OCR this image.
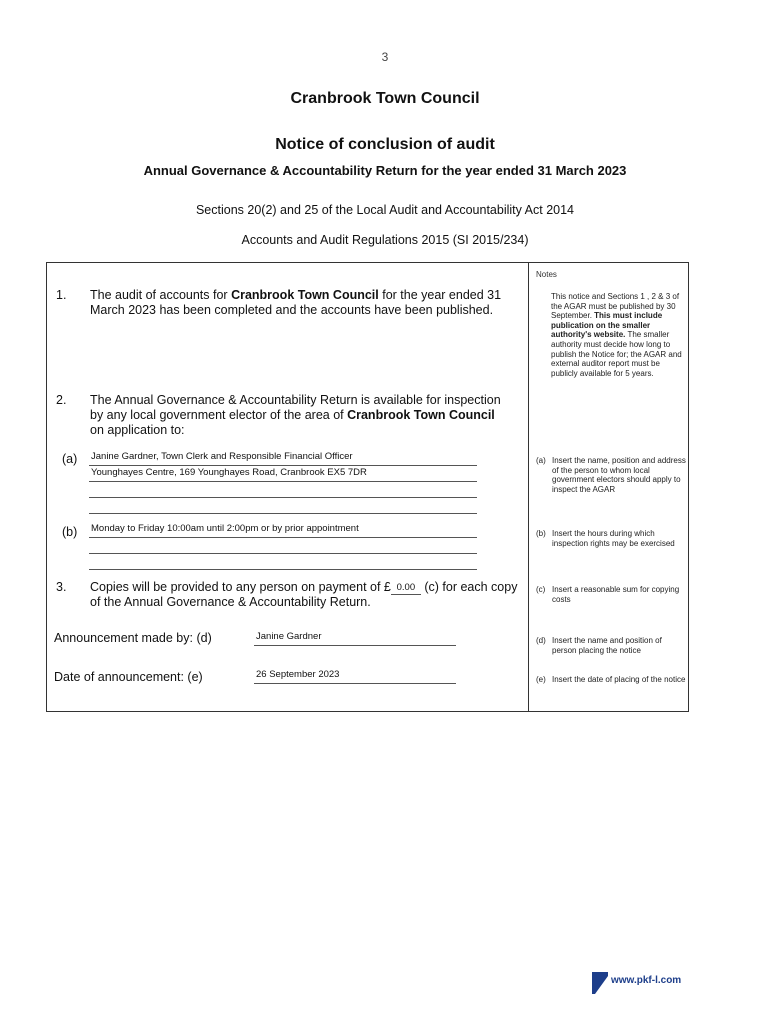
3
Cranbrook Town Council
Notice of conclusion of audit
Annual Governance & Accountability Return for the year ended 31 March 2023
Sections 20(2) and 25 of the Local Audit and Accountability Act 2014
Accounts and Audit Regulations 2015 (SI 2015/234)
Notes
1. The audit of accounts for Cranbrook Town Council for the year ended 31 March 2023 has been completed and the accounts have been published.
2. The Annual Governance & Accountability Return is available for inspection by any local government elector of the area of Cranbrook Town Council on application to:
(a) Janine Gardner, Town Clerk and Responsible Financial Officer
Younghayes Centre, 169 Younghayes Road, Cranbrook EX5 7DR
(b) Monday to Friday 10:00am until 2:00pm or by prior appointment
3. Copies will be provided to any person on payment of £ 0.00 (c) for each copy of the Annual Governance & Accountability Return.
Announcement made by: (d)	Janine Gardner
Date of announcement: (e)	26 September 2023
This notice and Sections 1 , 2 & 3 of the AGAR must be published by 30 September. This must include publication on the smaller authority's website. The smaller authority must decide how long to publish the Notice for; the AGAR and external auditor report must be publicly available for 5 years.
(a) Insert the name, position and address of the person to whom local government electors should apply to inspect the AGAR
(b) Insert the hours during which inspection rights may be exercised
(c) Insert a reasonable sum for copying costs
(d) Insert the name and position of person placing the notice
(e) Insert the date of placing of the notice
www.pkf-l.com
